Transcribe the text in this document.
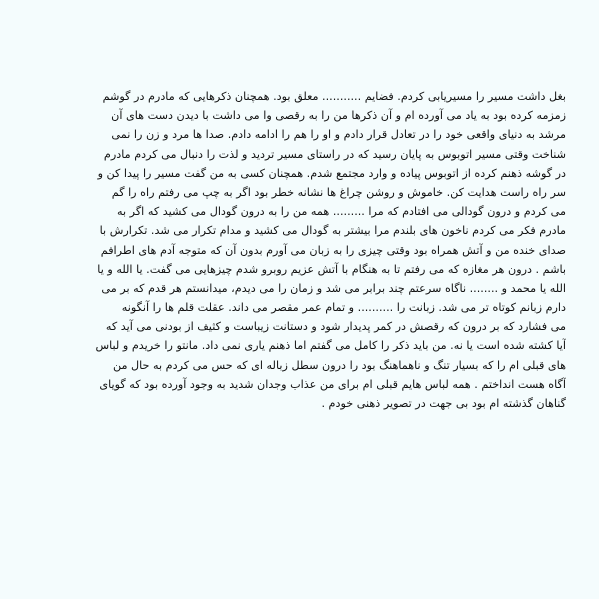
بغل داشت مسیر را مسیریابی کردم. فضایم ........... معلق بود. همچنان ذکرهایی که مادرم در گوشم
زمزمه کرده بود به یاد می آورده ام و آن ذکرها من را به رقصی وا می داشت با دیدن دست های آن
مرشد به دنیای واقعی خود را در تعادل قرار دادم و او را هم را ادامه دادم. صدا ها مرد و زن را نمی
شناخت وقتی مسیر اتوبوس به پایان رسید که در راستای مسیر تردید و لذت را دنبال می کردم مادرم
در گوشه ذهنم کرده از اتوبوس پیاده و وارد مجتمع شدم. همچنان کسی به من گفت مسیر را پیدا کن و
سر راه راست هدایت کن. خاموش و روشن چراغ ها نشانه خطر بود اگر به چپ می رفتم راه را گم
می کردم و درون گودالی می افتادم که مرا ......... همه من را به درون گودال می کشید که اگر به
مادرم فکر می کردم ناخون های بلندم مرا بیشتر به گودال می کشید و مدام تکرار می شد. تکرارش با
صدای خنده من و آتش همراه بود وقتی چیزی را به زبان می آورم بدون آن که متوجه آدم های اطرافم
باشم . درون هر مغازه که می رفتم تا به هنگام با آتش عزیم روبرو شدم چیزهایی می گفت. یا الله و یا
الله یا محمد و ........ ناگاه سرعتم چند برابر می شد و زمان را می دیدم، میدانستم هر قدم که بر می
دارم زبانم کوتاه تر می شد. زبانت را .......... و تمام عمر مقصر می داند. عقلت قلم ها را آنگونه
می فشارد که بر درون که رقصش در کمر پدیدار شود و دستانت زیباست و کثیف از بودنی می آید که
آیا کشته شده است یا نه. من باید ذکر را کامل می گفتم اما ذهنم یاری نمی داد. مانتو را خریدم و لباس
های قبلی ام را که بسیار تنگ و ناهماهنگ بود را درون سطل زباله ای که حس می کردم به حال من
آگاه هست انداختم . همه لباس هایم قبلی ام برای من عذاب وجدان شدید به وجود آورده بود که گویای
گناهان گذشته ام بود بی جهت در تصویر ذهنی خودم .
